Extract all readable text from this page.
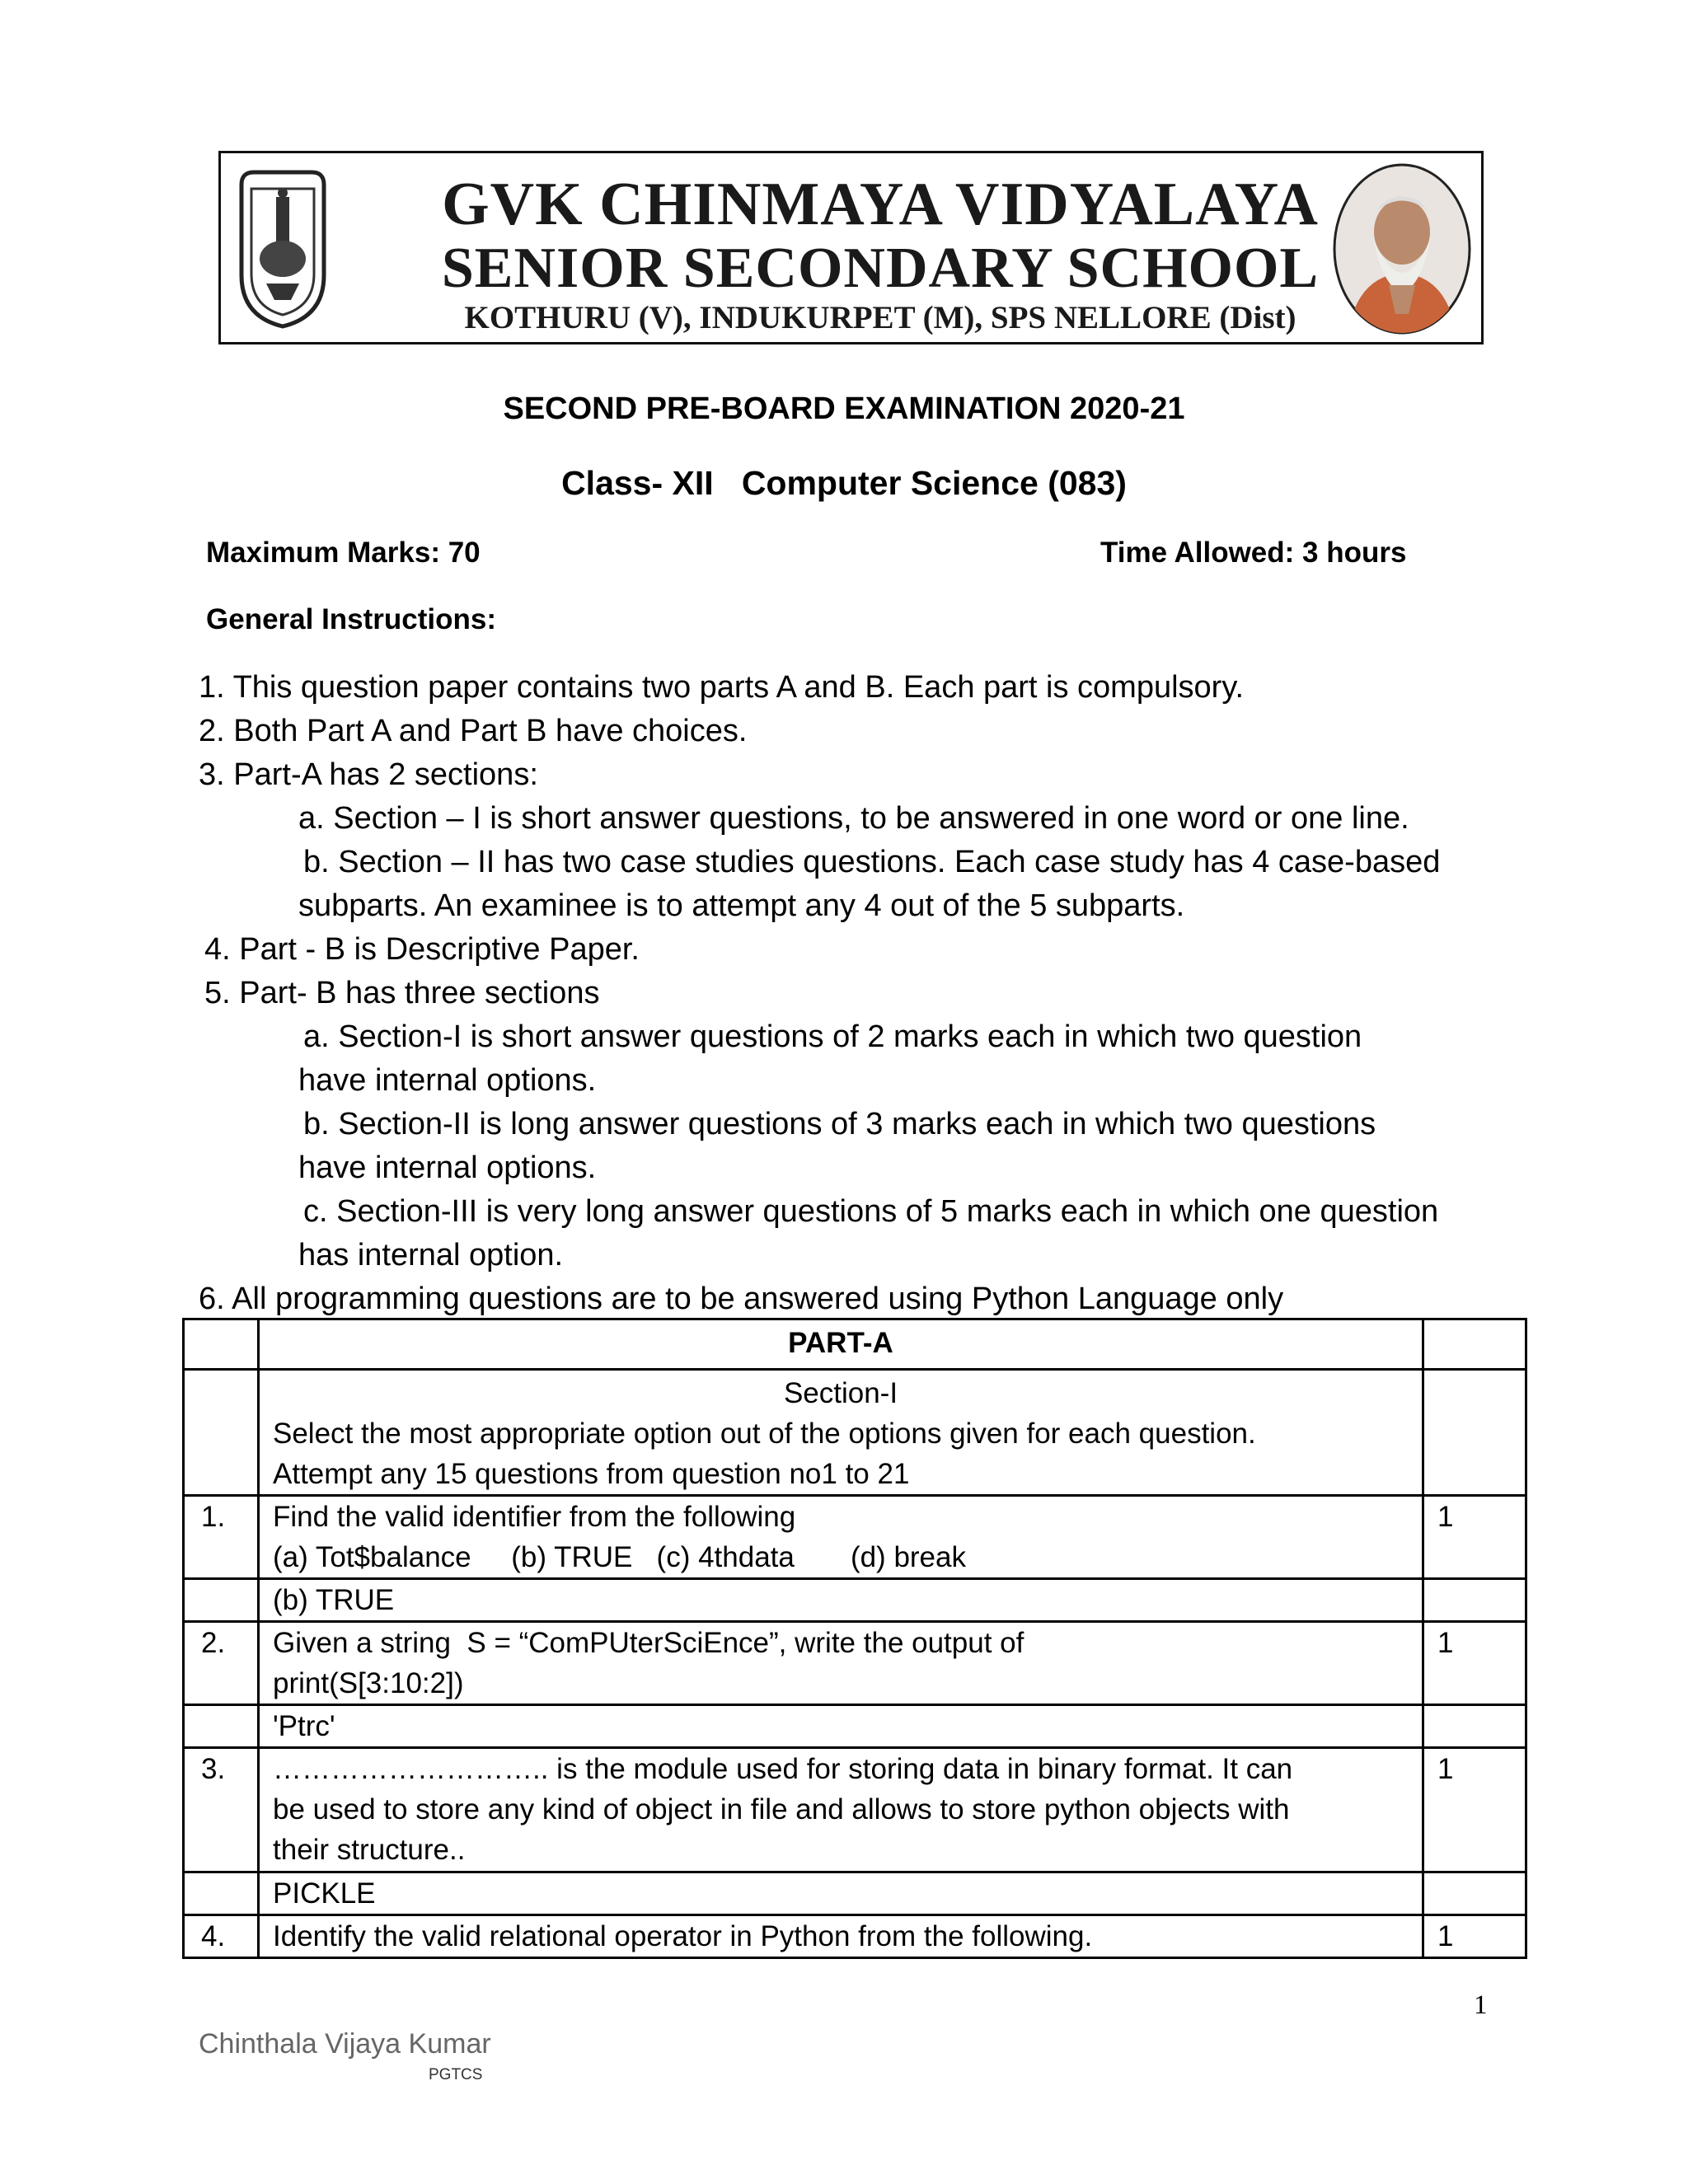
GVK CHINMAYA VIDYALAYA
SENIOR SECONDARY SCHOOL
KOTHURU (V), INDUKURPET (M), SPS NELLORE (Dist)
SECOND PRE-BOARD EXAMINATION 2020-21
Class- XII   Computer Science (083)
Maximum Marks: 70	Time Allowed: 3 hours
General Instructions:
1. This question paper contains two parts A and B. Each part is compulsory.
2. Both Part A and Part B have choices.
3. Part-A has 2 sections:
a. Section – I is short answer questions, to be answered in one word or one line.
b. Section – II has two case studies questions. Each case study has 4 case-based
subparts. An examinee is to attempt any 4 out of the 5 subparts.
4. Part - B is Descriptive Paper.
5. Part- B has three sections
a. Section-I is short answer questions of 2 marks each in which two question
have internal options.
b. Section-II is long answer questions of 3 marks each in which two questions
have internal options.
c. Section-III is very long answer questions of 5 marks each in which one question
has internal option.
6. All programming questions are to be answered using Python Language only
	PART-A	

	Section-I
Select the most appropriate option out of the options given for each question.
Attempt any 15 questions from question no1 to 21	

1.	Find the valid identifier from the following
(a) Tot$balance     (b) TRUE   (c) 4thdata       (d) break	1
	(b) TRUE	
2.	Given a string  S = “ComPUterSciEnce”, write the output of
print(S[3:10:2])	1
	'Ptrc'	
3.	……………………….. is the module used for storing data in binary format. It can
be used to store any kind of object in file and allows to store python objects with
their structure..	1
	PICKLE	
4.	Identify the valid relational operator in Python from the following.	1
1
Chinthala Vijaya Kumar
PGTCS
